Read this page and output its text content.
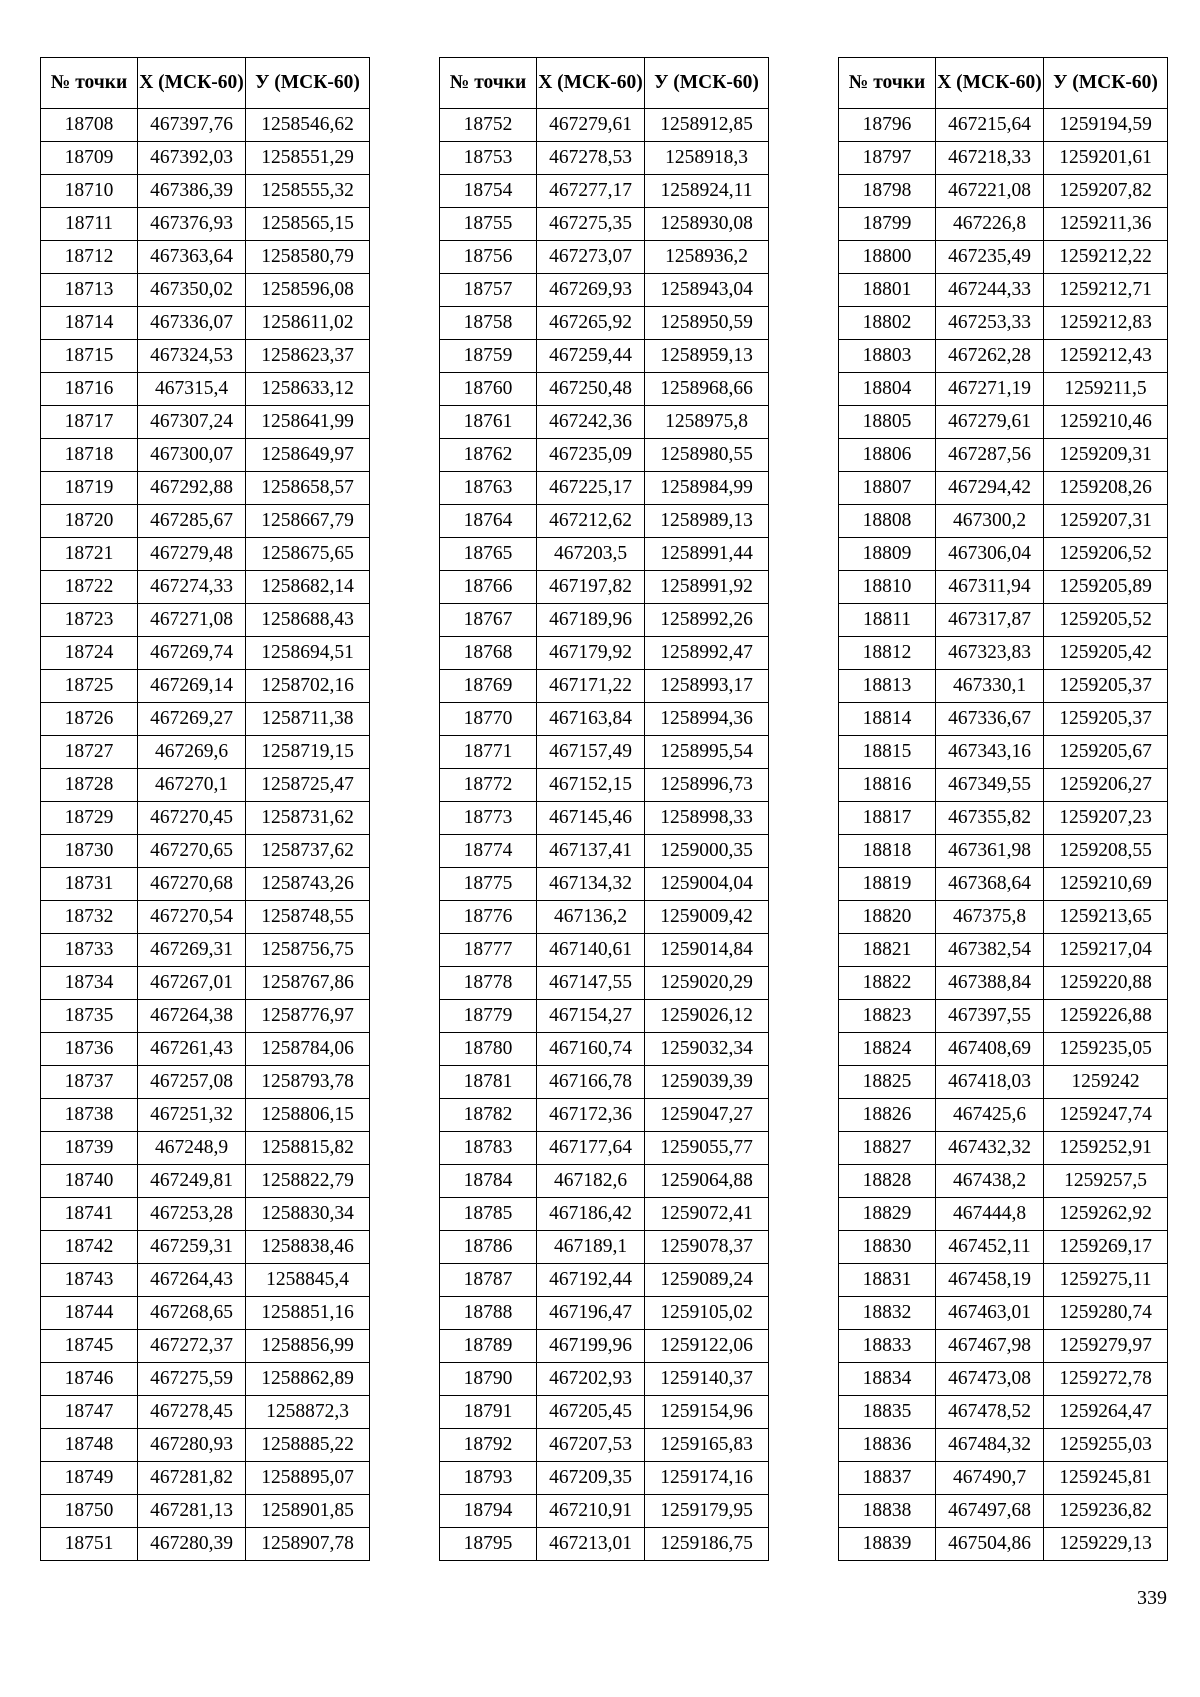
№ точки	X (МСК-60)	У (МСК-60)
18708	467397,76	1258546,62
18709	467392,03	1258551,29
18710	467386,39	1258555,32
18711	467376,93	1258565,15
18712	467363,64	1258580,79
18713	467350,02	1258596,08
18714	467336,07	1258611,02
18715	467324,53	1258623,37
18716	467315,4	1258633,12
18717	467307,24	1258641,99
18718	467300,07	1258649,97
18719	467292,88	1258658,57
18720	467285,67	1258667,79
18721	467279,48	1258675,65
18722	467274,33	1258682,14
18723	467271,08	1258688,43
18724	467269,74	1258694,51
18725	467269,14	1258702,16
18726	467269,27	1258711,38
18727	467269,6	1258719,15
18728	467270,1	1258725,47
18729	467270,45	1258731,62
18730	467270,65	1258737,62
18731	467270,68	1258743,26
18732	467270,54	1258748,55
18733	467269,31	1258756,75
18734	467267,01	1258767,86
18735	467264,38	1258776,97
18736	467261,43	1258784,06
18737	467257,08	1258793,78
18738	467251,32	1258806,15
18739	467248,9	1258815,82
18740	467249,81	1258822,79
18741	467253,28	1258830,34
18742	467259,31	1258838,46
18743	467264,43	1258845,4
18744	467268,65	1258851,16
18745	467272,37	1258856,99
18746	467275,59	1258862,89
18747	467278,45	1258872,3
18748	467280,93	1258885,22
18749	467281,82	1258895,07
18750	467281,13	1258901,85
18751	467280,39	1258907,78
№ точки	X (МСК-60)	У (МСК-60)
18752	467279,61	1258912,85
18753	467278,53	1258918,3
18754	467277,17	1258924,11
18755	467275,35	1258930,08
18756	467273,07	1258936,2
18757	467269,93	1258943,04
18758	467265,92	1258950,59
18759	467259,44	1258959,13
18760	467250,48	1258968,66
18761	467242,36	1258975,8
18762	467235,09	1258980,55
18763	467225,17	1258984,99
18764	467212,62	1258989,13
18765	467203,5	1258991,44
18766	467197,82	1258991,92
18767	467189,96	1258992,26
18768	467179,92	1258992,47
18769	467171,22	1258993,17
18770	467163,84	1258994,36
18771	467157,49	1258995,54
18772	467152,15	1258996,73
18773	467145,46	1258998,33
18774	467137,41	1259000,35
18775	467134,32	1259004,04
18776	467136,2	1259009,42
18777	467140,61	1259014,84
18778	467147,55	1259020,29
18779	467154,27	1259026,12
18780	467160,74	1259032,34
18781	467166,78	1259039,39
18782	467172,36	1259047,27
18783	467177,64	1259055,77
18784	467182,6	1259064,88
18785	467186,42	1259072,41
18786	467189,1	1259078,37
18787	467192,44	1259089,24
18788	467196,47	1259105,02
18789	467199,96	1259122,06
18790	467202,93	1259140,37
18791	467205,45	1259154,96
18792	467207,53	1259165,83
18793	467209,35	1259174,16
18794	467210,91	1259179,95
18795	467213,01	1259186,75
№ точки	X (МСК-60)	У (МСК-60)
18796	467215,64	1259194,59
18797	467218,33	1259201,61
18798	467221,08	1259207,82
18799	467226,8	1259211,36
18800	467235,49	1259212,22
18801	467244,33	1259212,71
18802	467253,33	1259212,83
18803	467262,28	1259212,43
18804	467271,19	1259211,5
18805	467279,61	1259210,46
18806	467287,56	1259209,31
18807	467294,42	1259208,26
18808	467300,2	1259207,31
18809	467306,04	1259206,52
18810	467311,94	1259205,89
18811	467317,87	1259205,52
18812	467323,83	1259205,42
18813	467330,1	1259205,37
18814	467336,67	1259205,37
18815	467343,16	1259205,67
18816	467349,55	1259206,27
18817	467355,82	1259207,23
18818	467361,98	1259208,55
18819	467368,64	1259210,69
18820	467375,8	1259213,65
18821	467382,54	1259217,04
18822	467388,84	1259220,88
18823	467397,55	1259226,88
18824	467408,69	1259235,05
18825	467418,03	1259242
18826	467425,6	1259247,74
18827	467432,32	1259252,91
18828	467438,2	1259257,5
18829	467444,8	1259262,92
18830	467452,11	1259269,17
18831	467458,19	1259275,11
18832	467463,01	1259280,74
18833	467467,98	1259279,97
18834	467473,08	1259272,78
18835	467478,52	1259264,47
18836	467484,32	1259255,03
18837	467490,7	1259245,81
18838	467497,68	1259236,82
18839	467504,86	1259229,13
339
